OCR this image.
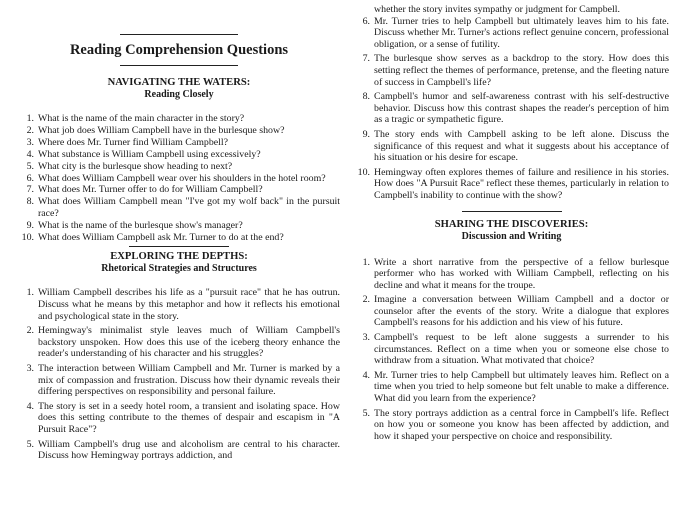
Reading Comprehension Questions
NAVIGATING THE WATERS:
Reading Closely
1. What is the name of the main character in the story?
2. What job does William Campbell have in the burlesque show?
3. Where does Mr. Turner find William Campbell?
4. What substance is William Campbell using excessively?
5. What city is the burlesque show heading to next?
6. What does William Campbell wear over his shoulders in the hotel room?
7. What does Mr. Turner offer to do for William Campbell?
8. What does William Campbell mean "I've got my wolf back" in the pursuit race?
9. What is the name of the burlesque show's manager?
10. What does William Campbell ask Mr. Turner to do at the end?
EXPLORING THE DEPTHS:
Rhetorical Strategies and Structures
1. William Campbell describes his life as a "pursuit race" that he has outrun. Discuss what he means by this metaphor and how it reflects his emotional and psychological state in the story.
2. Hemingway's minimalist style leaves much of William Campbell's backstory unspoken. How does this use of the iceberg theory enhance the reader's understanding of his character and his struggles?
3. The interaction between William Campbell and Mr. Turner is marked by a mix of compassion and frustration. Discuss how their dynamic reveals their differing perspectives on responsibility and personal failure.
4. The story is set in a seedy hotel room, a transient and isolating space. How does this setting contribute to the themes of despair and escapism in "A Pursuit Race"?
5. William Campbell's drug use and alcoholism are central to his character. Discuss how Hemingway portrays addiction, and

whether the story invites sympathy or judgment for Campbell.

6. Mr. Turner tries to help Campbell but ultimately leaves him to his fate. Discuss whether Mr. Turner's actions reflect genuine concern, professional obligation, or a sense of futility.
7. The burlesque show serves as a backdrop to the story. How does this setting reflect the themes of performance, pretense, and the fleeting nature of success in Campbell's life?
8. Campbell's humor and self-awareness contrast with his self-destructive behavior. Discuss how this contrast shapes the reader's perception of him as a tragic or sympathetic figure.
9. The story ends with Campbell asking to be left alone. Discuss the significance of this request and what it suggests about his acceptance of his situation or his desire for escape.
10. Hemingway often explores themes of failure and resilience in his stories. How does "A Pursuit Race" reflect these themes, particularly in relation to Campbell's inability to continue with the show?
SHARING THE DISCOVERIES:
Discussion and Writing
1. Write a short narrative from the perspective of a fellow burlesque performer who has worked with William Campbell, reflecting on his decline and what it means for the troupe.
2. Imagine a conversation between William Campbell and a doctor or counselor after the events of the story. Write a dialogue that explores Campbell's reasons for his addiction and his view of his future.
3. Campbell's request to be left alone suggests a surrender to his circumstances. Reflect on a time when you or someone else chose to withdraw from a situation. What motivated that choice?
4. Mr. Turner tries to help Campbell but ultimately leaves him. Reflect on a time when you tried to help someone but felt unable to make a difference. What did you learn from the experience?
5. The story portrays addiction as a central force in Campbell's life. Reflect on how you or someone you know has been affected by addiction, and how it shaped your perspective on choice and responsibility.
